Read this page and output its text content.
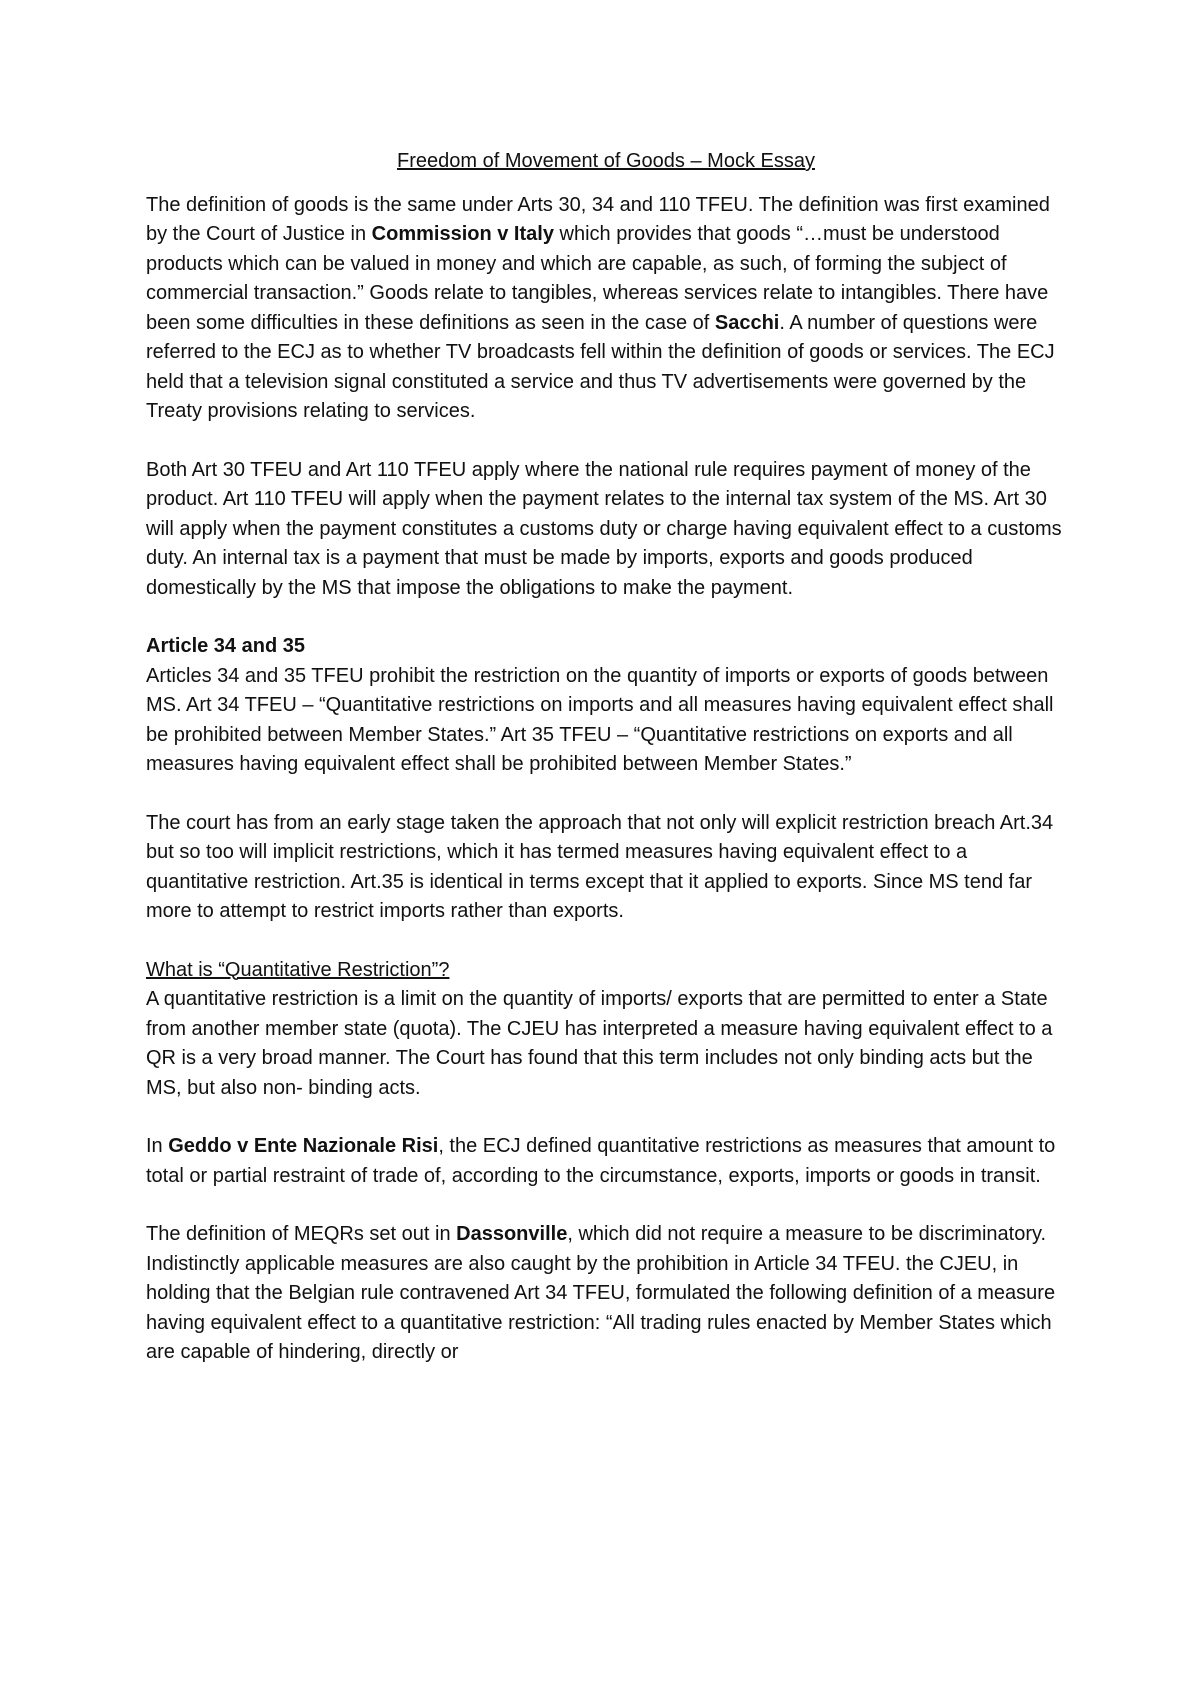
Freedom of Movement of Goods – Mock Essay

The definition of goods is the same under Arts 30, 34 and 110 TFEU. The definition was first examined by the Court of Justice in Commission v Italy which provides that goods “…must be understood products which can be valued in money and which are capable, as such, of forming the subject of commercial transaction.” Goods relate to tangibles, whereas services relate to intangibles. There have been some difficulties in these definitions as seen in the case of Sacchi. A number of questions were referred to the ECJ as to whether TV broadcasts fell within the definition of goods or services. The ECJ held that a television signal constituted a service and thus TV advertisements were governed by the Treaty provisions relating to services.

Both Art 30 TFEU and Art 110 TFEU apply where the national rule requires payment of money of the product. Art 110 TFEU will apply when the payment relates to the internal tax system of the MS. Art 30 will apply when the payment constitutes a customs duty or charge having equivalent effect to a customs duty. An internal tax is a payment that must be made by imports, exports and goods produced domestically by the MS that impose the obligations to make the payment.

Article 34 and 35
Articles 34 and 35 TFEU prohibit the restriction on the quantity of imports or exports of goods between MS. Art 34 TFEU – “Quantitative restrictions on imports and all measures having equivalent effect shall be prohibited between Member States.” Art 35 TFEU – “Quantitative restrictions on exports and all measures having equivalent effect shall be prohibited between Member States.”

The court has from an early stage taken the approach that not only will explicit restriction breach Art.34 but so too will implicit restrictions, which it has termed measures having equivalent effect to a quantitative restriction. Art.35 is identical in terms except that it applied to exports. Since MS tend far more to attempt to restrict imports rather than exports.

What is “Quantitative Restriction”?
A quantitative restriction is a limit on the quantity of imports/ exports that are permitted to enter a State from another member state (quota). The CJEU has interpreted a measure having equivalent effect to a QR is a very broad manner. The Court has found that this term includes not only binding acts but the MS, but also non- binding acts.

In Geddo v Ente Nazionale Risi, the ECJ defined quantitative restrictions as measures that amount to total or partial restraint of trade of, according to the circumstance, exports, imports or goods in transit.

The definition of MEQRs set out in Dassonville, which did not require a measure to be discriminatory. Indistinctly applicable measures are also caught by the prohibition in Article 34 TFEU. the CJEU, in holding that the Belgian rule contravened Art 34 TFEU, formulated the following definition of a measure having equivalent effect to a quantitative restriction: “All trading rules enacted by Member States which are capable of hindering, directly or
